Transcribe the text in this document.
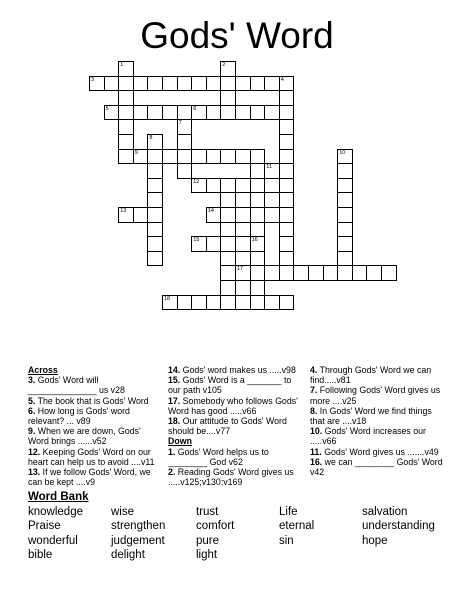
Gods' Word
3	4
5	6
9
12
13	14
15	16
17
18
1	2
7
8
10
11

Across

3. Gods' Word will ______________ us v28

5. The book that is Gods' Word

6. How long is Gods' word relevant? ... v89

9. When we are down, Gods' Word brings ......v52

12. Keeping Gods' Word on our heart can help us to avoid ....v11

13. If we follow Gods' Word, we can be kept ....v9

14. Gods' word makes us .....v98

15. Gods' Word is a _______ to our path v105

17. Somebody who follows Gods' Word has good .....v66

18. Our attitude to Gods' Word should be....v77

Down

1. Gods' Word helps us to ________ God v62

2. Reading Gods' Word gives us .....v125;v130;v169

4. Through Gods' Word we can find.....v81

7. Following Gods' Word gives us more ....v25

8. In Gods' Word we find things that are ....v18

10. Gods' Word increases our .....v66

11. Gods' Word gives us .......v49

16. we can ________ Gods' Word v42

Word Bank
knowledge wise	trust	Life	salvation
Praise	strengthen	comfort	eternal	understanding
wonderful	judgement	pure	sin	hope
bible	delight	light
